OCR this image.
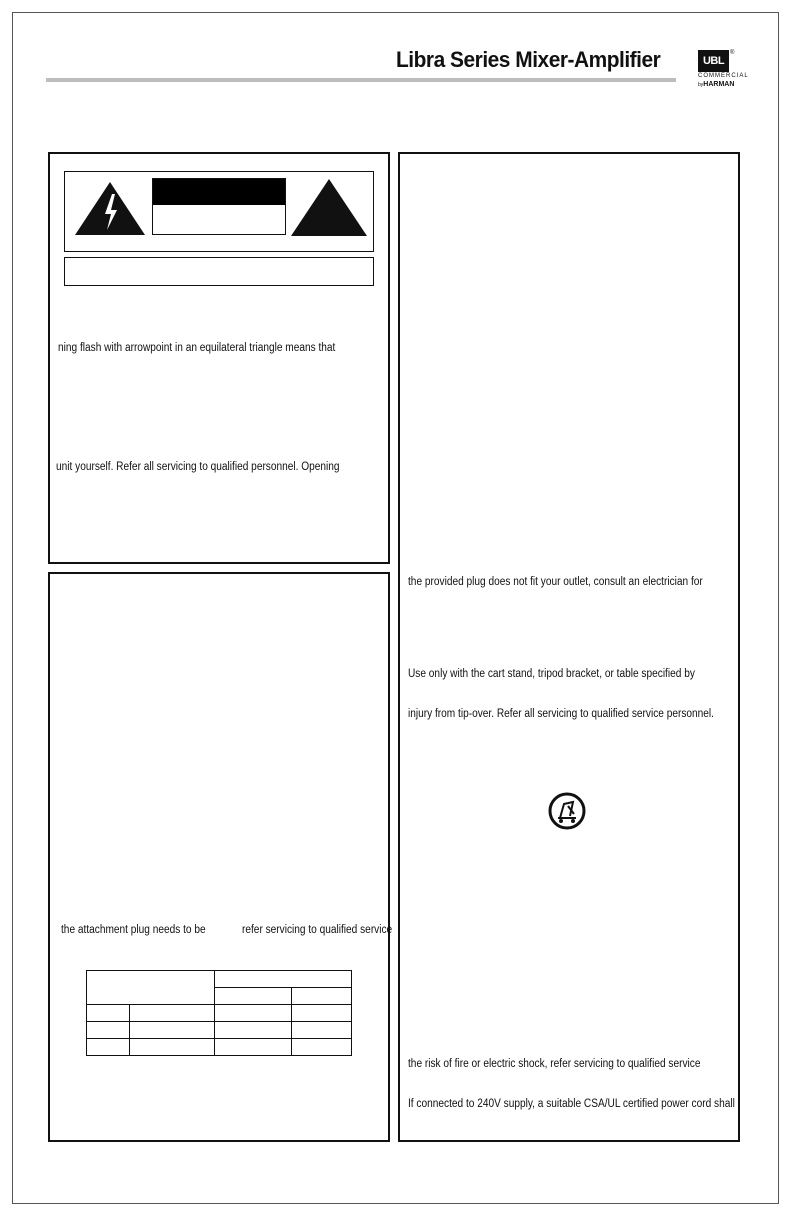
Libra Series Mixer-Amplifier	UBL
®
COMMERCIAL
byHARMAN
ning flash with arrowpoint in an equilateral triangle means that
unit yourself. Refer all servicing to qualified personnel. Opening
the attachment plug needs to be	refer servicing to qualified service

the provided plug does not fit your outlet, consult an electrician for
Use only with the cart stand, tripod bracket, or table specified by
injury from tip-over. Refer all servicing to qualified service personnel.
the risk of fire or electric shock, refer servicing to qualified service
If connected to 240V supply, a suitable CSA/UL certified power cord shall
